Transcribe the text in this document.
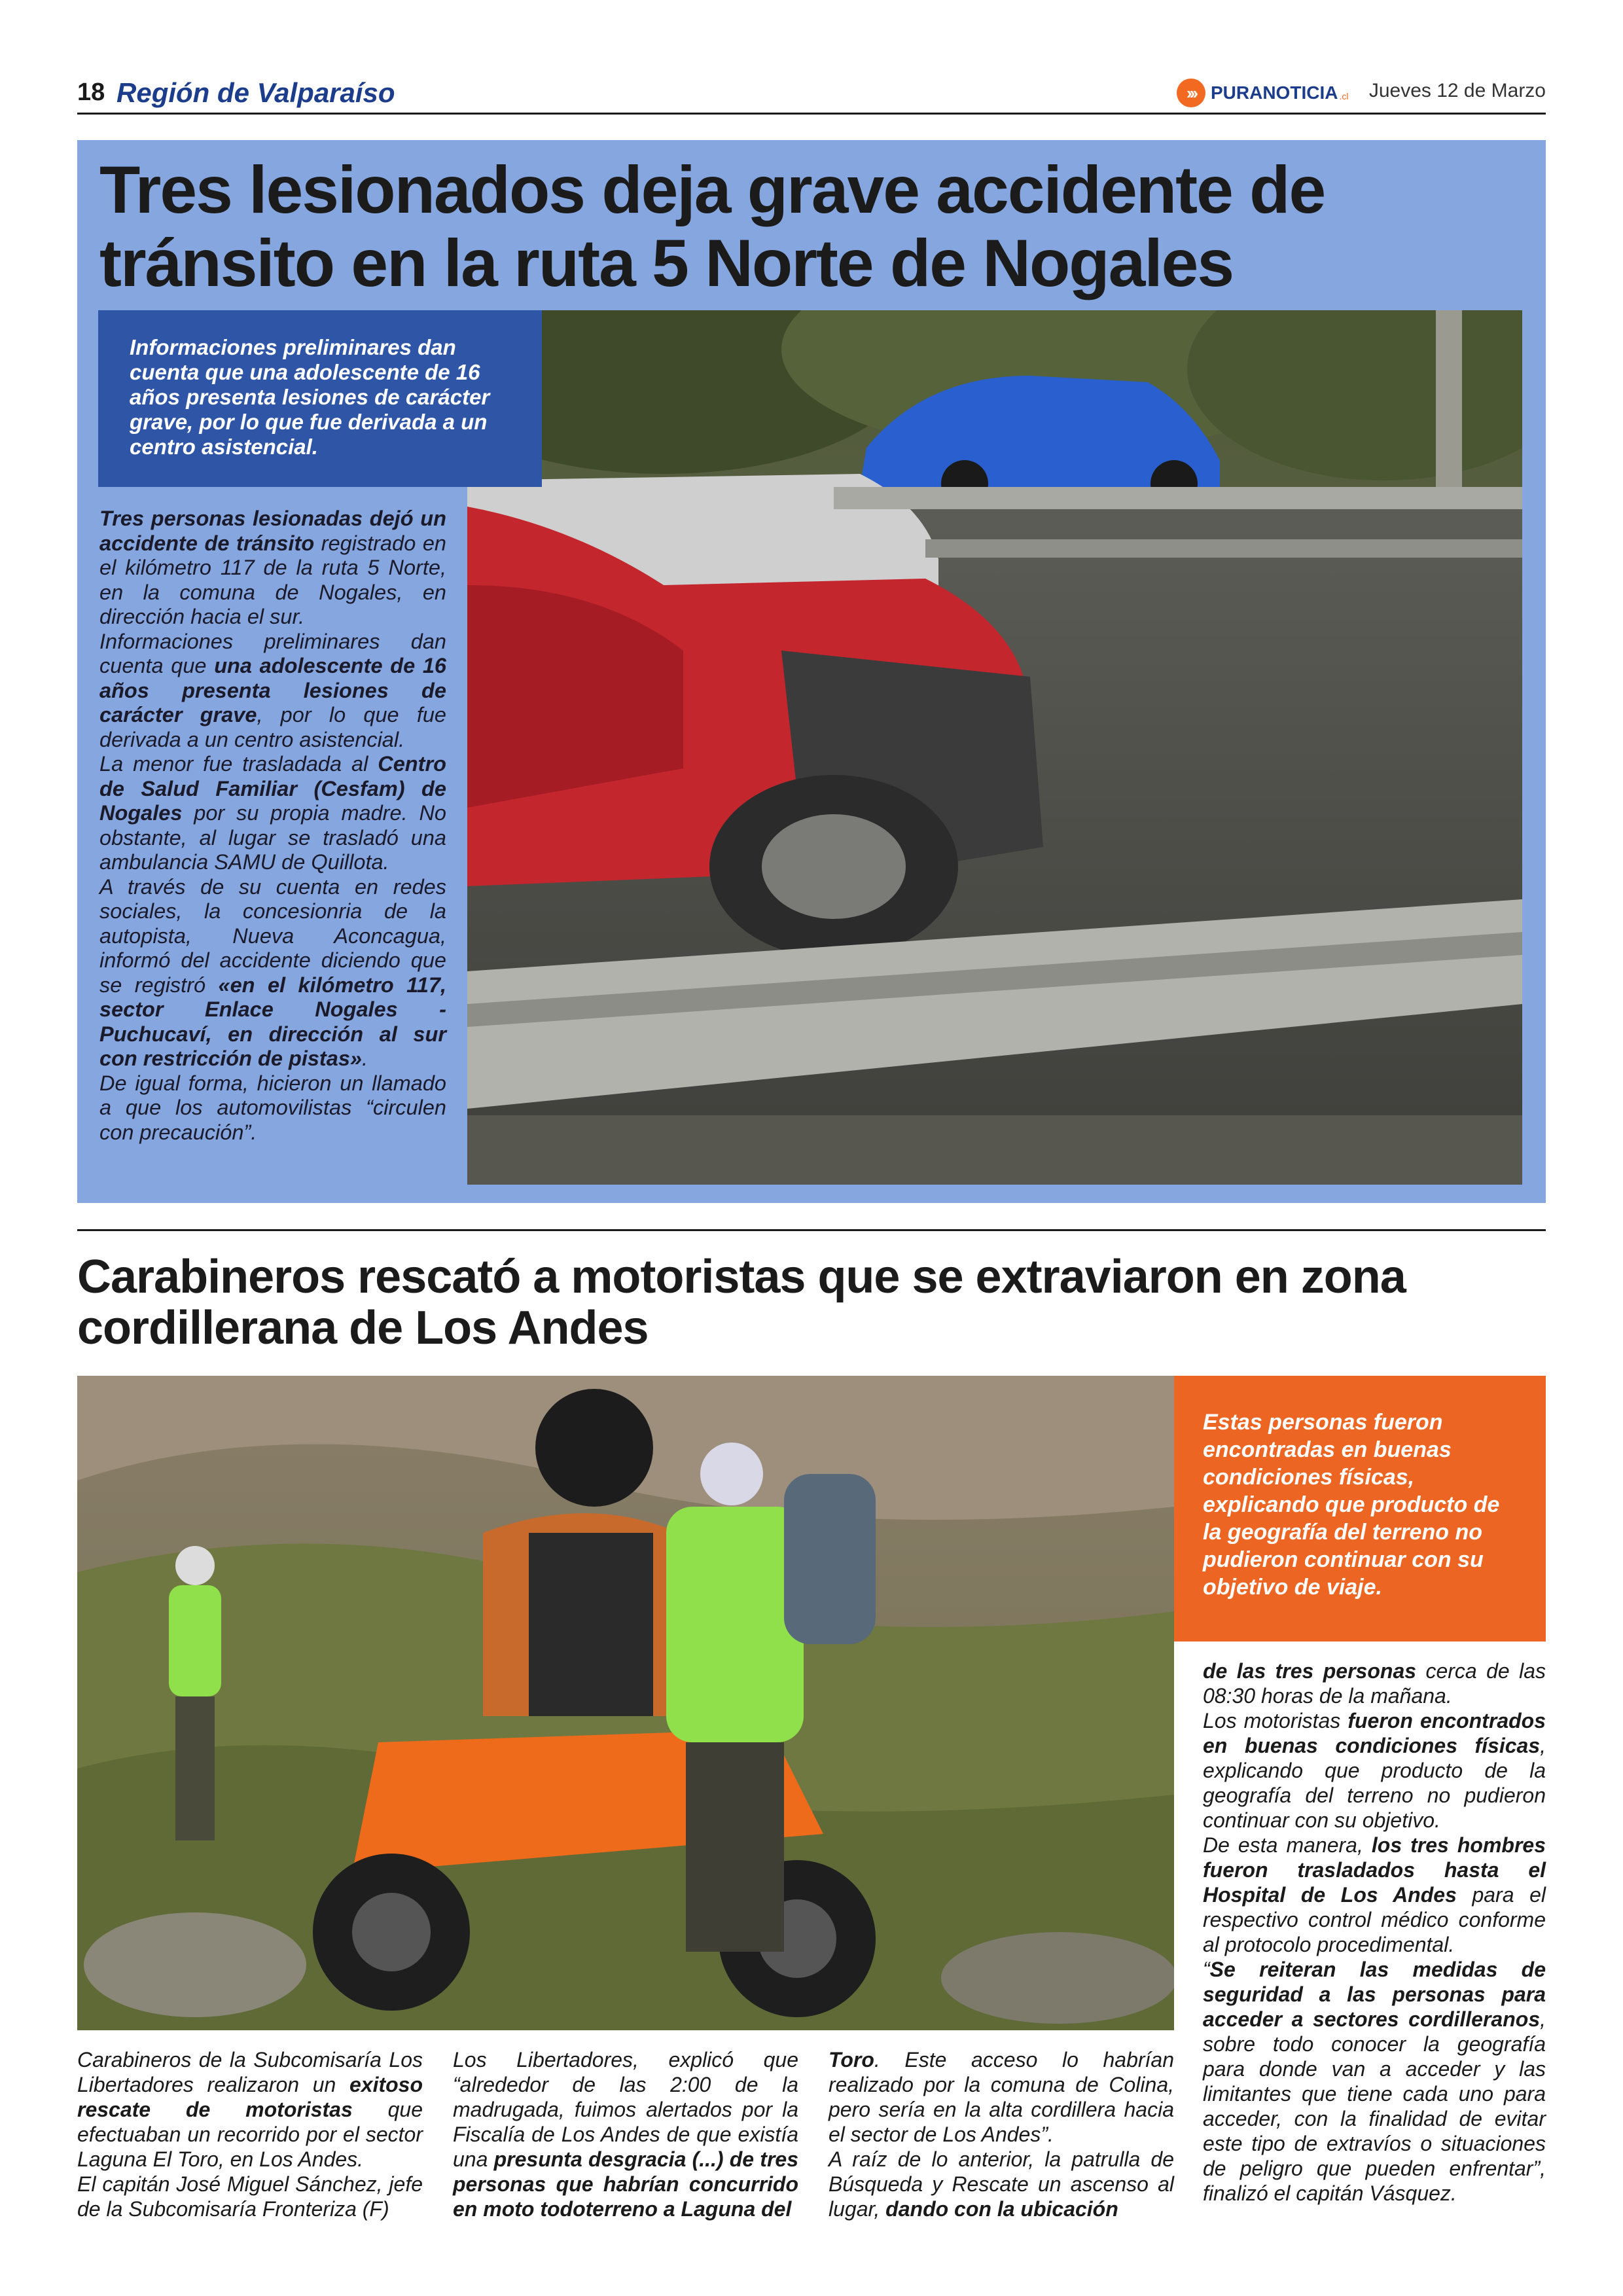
18 Región de Valparaíso	››› PURANOTICIA .cl Jueves 12 de Marzo
Tres lesionados deja grave accidente de tránsito en la ruta 5 Norte de Nogales

Informaciones preliminares dan cuenta que una adolescente de 16 años presenta lesiones de carácter grave, por lo que fue derivada a un centro asistencial.

Tres personas lesionadas dejó un accidente de tránsito registrado en el kilómetro 117 de la ruta 5 Norte, en la comuna de Nogales, en dirección hacia el sur.

Informaciones preliminares dan cuenta que una adolescente de 16 años presenta lesiones de carácter grave, por lo que fue derivada a un centro asistencial.

La menor fue trasladada al Centro de Salud Familiar (Cesfam) de Nogales por su propia madre. No obstante, al lugar se trasladó una ambulancia SAMU de Quillota.

A través de su cuenta en redes sociales, la concesionria de la autopista, Nueva Aconcagua, informó del accidente diciendo que se registró «en el kilómetro 117, sector Enlace Nogales - Puchucaví, en dirección al sur con restricción de pistas».

De igual forma, hicieron un llamado a que los automovilistas “circulen con precaución”.

Carabineros rescató a motoristas que se extraviaron en zona cordillerana de Los Andes

Estas personas fueron encontradas en buenas condiciones físicas, explicando que producto de la geografía del terreno no pudieron continuar con su objetivo de viaje.

Carabineros de la Subcomisaría Los Libertadores realizaron un exitoso rescate de motoristas que efectuaban un recorrido por el sector Laguna El Toro, en Los Andes.

El capitán José Miguel Sánchez, jefe de la Subcomisaría Fronteriza (F)

Los Libertadores, explicó que “alrededor de las 2:00 de la madrugada, fuimos alertados por la Fiscalía de Los Andes de que existía una presunta desgracia (...) de tres personas que habrían concurrido en moto todoterreno a Laguna del

Toro. Este acceso lo habrían realizado por la comuna de Colina, pero sería en la alta cordillera hacia el sector de Los Andes”.

A raíz de lo anterior, la patrulla de Búsqueda y Rescate un ascenso al lugar, dando con la ubicación

de las tres personas cerca de las 08:30 horas de la mañana.

Los motoristas fueron encontrados en buenas condiciones físicas, explicando que producto de la geografía del terreno no pudieron continuar con su objetivo.

De esta manera, los tres hombres fueron trasladados hasta el Hospital de Los Andes para el respectivo control médico conforme al protocolo procedimental.

“Se reiteran las medidas de seguridad a las personas para acceder a sectores cordilleranos, sobre todo conocer la geografía para donde van a acceder y las limitantes que tiene cada uno para acceder, con la finalidad de evitar este tipo de extravíos o situaciones de peligro que pueden enfrentar”, finalizó el capitán Vásquez.
